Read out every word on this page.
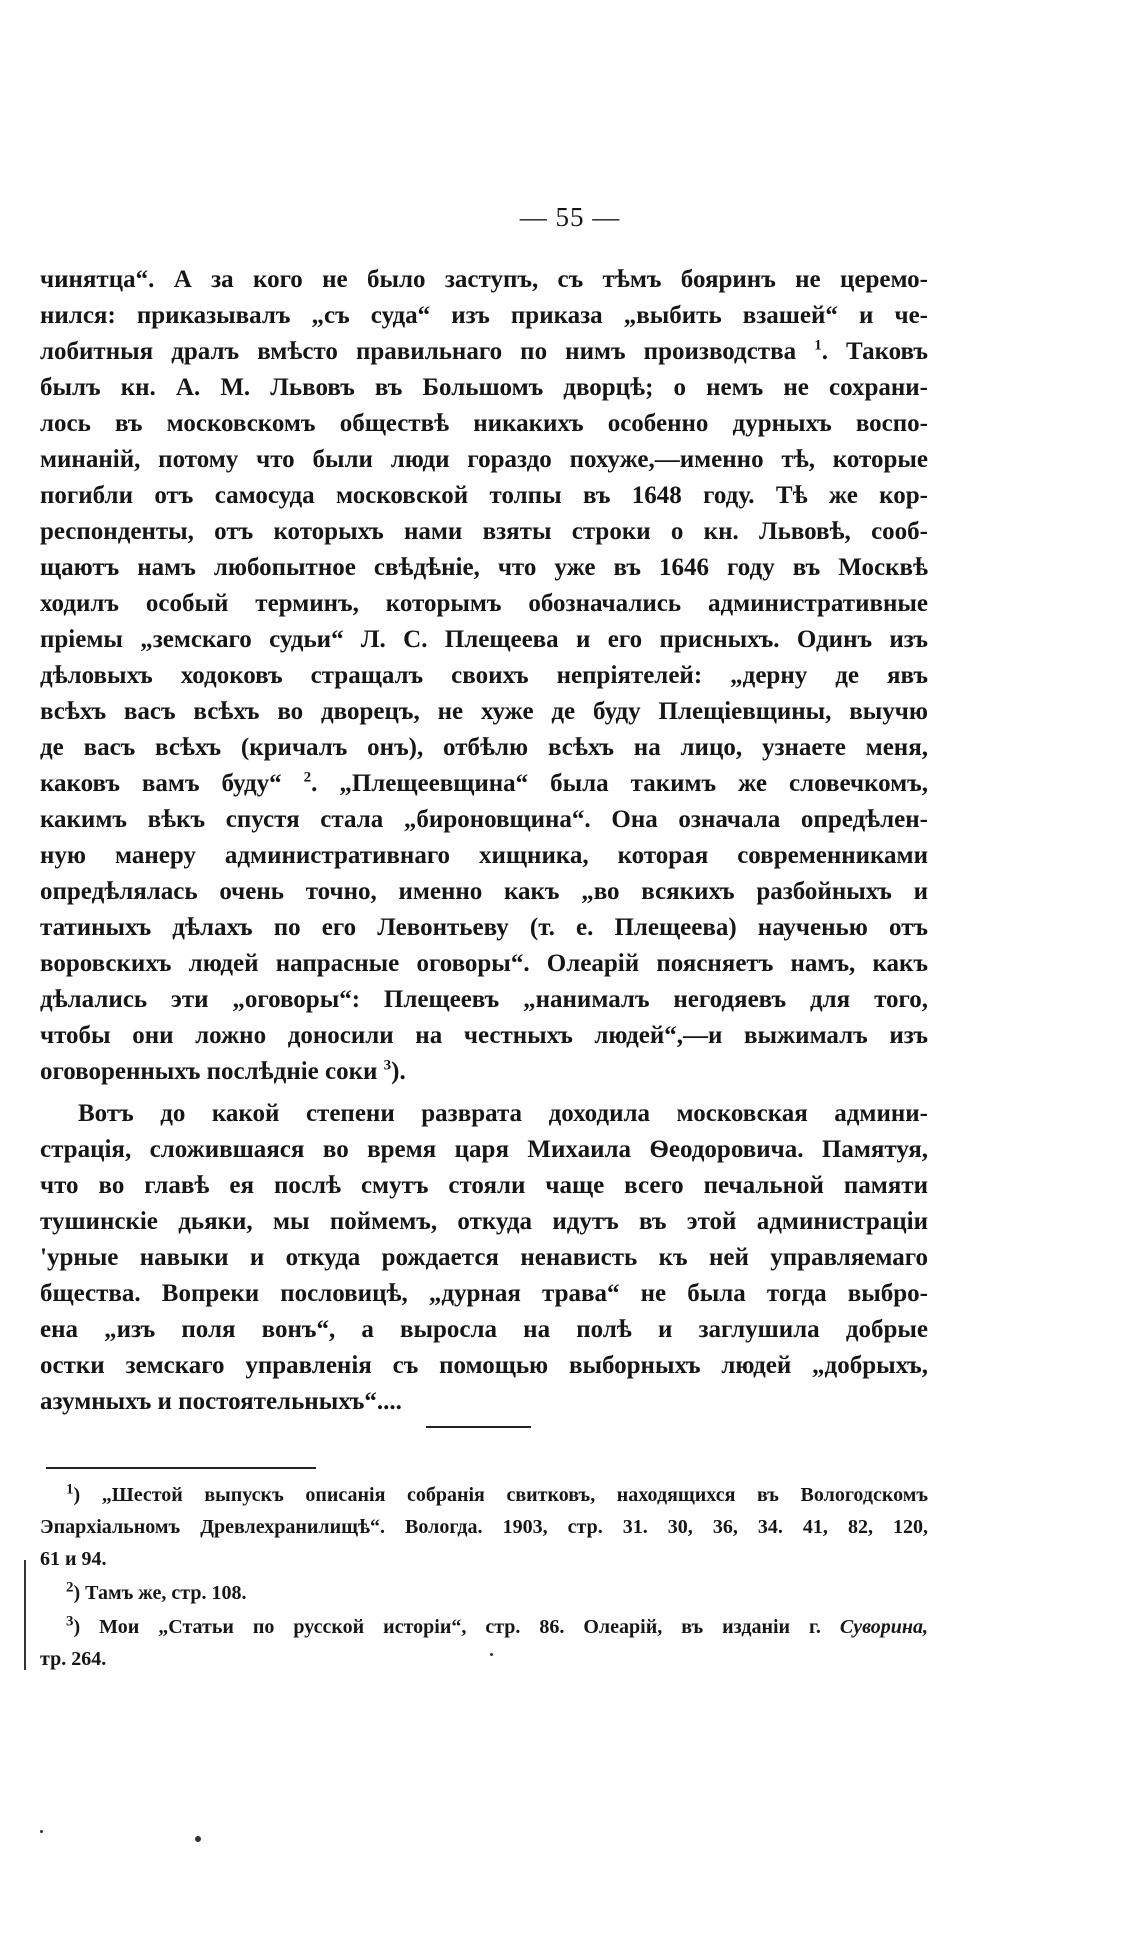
— 55 —
чинятца“. А за кого не было заступъ, съ тѣмъ бояринъ не церемо-
нился: приказывалъ „съ суда“ изъ приказа „выбить взашей“ и че-
лобитныя дралъ вмѣсто правильнаго по нимъ производства $^1$. Таковъ
былъ кн. А. М. Львовъ въ Большомъ дворцѣ; о немъ не сохрани-
лось въ московскомъ обществѣ никакихъ особенно дурныхъ воспо-
минаній, потому что были люди гораздо похуже,—именно тѣ, которые
погибли отъ самосуда московской толпы въ 1648 году. Тѣ же кор-
респонденты, отъ которыхъ нами взяты строки о кн. Львовѣ, сооб-
щаютъ намъ любопытное свѣдѣніе, что уже въ 1646 году въ Москвѣ
ходилъ особый терминъ, которымъ обозначались административные
пріемы „земскаго судьи“ Л. С. Плещеева и его присныхъ. Одинъ изъ
дѣловыхъ ходоковъ стращалъ своихъ непріятелей: „дерну де явъ
всѣхъ васъ всѣхъ во дворецъ, не хуже де буду Плещіевщины, выучю
де васъ всѣхъ (кричалъ онъ), отбѣлю всѣхъ на лицо, узнаете меня,
каковъ вамъ буду“ $^2$. „Плещеевщина“ была такимъ же словечкомъ,
какимъ вѣкъ спустя стала „бироновщина“. Она означала опредѣлен-
ную манеру административнаго хищника, которая современниками
опредѣлялась очень точно, именно какъ „во всякихъ разбойныхъ и
татиныхъ дѣлахъ по его Левонтьеву (т. е. Плещеева) наученью отъ
воровскихъ людей напрасные оговоры“. Олеарій поясняетъ намъ, какъ
дѣлались эти „оговоры“: Плещеевъ „нанималъ негодяевъ для того,
чтобы они ложно доносили на честныхъ людей“,—и выжималъ изъ
оговоренныхъ послѣдніе соки $^3$).
Вотъ до какой степени разврата доходила московская админи-
страція, сложившаяся во время царя Михаила Ѳеодоровича. Памятуя,
что во главѣ ея послѣ смутъ стояли чаще всего печальной памяти
тушинскіе дьяки, мы поймемъ, откуда идутъ въ этой администраціи
'урные навыки и откуда рождается ненависть къ ней управляемаго
бщества. Вопреки пословицѣ, „дурная трава“ не была тогда выбро-
ена „изъ поля вонъ“, а выросла на полѣ и заглушила добрые
остки земскаго управленія съ помощью выборныхъ людей „добрыхъ,
азумныхъ и постоятельныхъ“....
$^1$) „Шестой выпускъ описанія собранія свитковъ, находящихся въ Вологодскомъ
Эпархіальномъ Древлехранилищѣ“. Вологда. 1903, стр. 31. 30, 36, 34. 41, 82, 120,
61 и 94.
$^2$) Тамъ же, стр. 108.
$^3$) Мои „Статьи по русской исторіи“, стр. 86. Олеарій, въ изданіи г. Суворина,
тр. 264.
